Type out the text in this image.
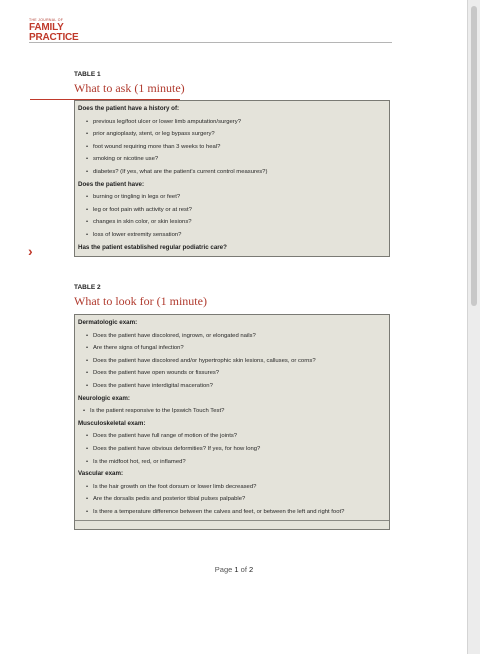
THE JOURNAL OF
FAMILY
PRACTICE
TABLE 1
What to ask (1 minute)
Does the patient have a history of:
• previous leg/foot ulcer or lower limb amputation/surgery?
• prior angioplasty, stent, or leg bypass surgery?
• foot wound requiring more than 3 weeks to heal?
• smoking or nicotine use?
• diabetes? (If yes, what are the patient’s current control measures?)
Does the patient have:
• burning or tingling in legs or feet?
• leg or foot pain with activity or at rest?
• changes in skin color, or skin lesions?
• loss of lower extremity sensation?
Has the patient established regular podiatric care?
›
TABLE 2
What to look for (1 minute)
Dermatologic exam:
• Does the patient have discolored, ingrown, or elongated nails?
• Are there signs of fungal infection?
• Does the patient have discolored and/or hypertrophic skin lesions, calluses, or corns?
• Does the patient have open wounds or fissures?
• Does the patient have interdigital maceration?
Neurologic exam:
• Is the patient responsive to the Ipswich Touch Test?
Musculoskeletal exam:
• Does the patient have full range of motion of the joints?
• Does the patient have obvious deformities? If yes, for how long?
• Is the midfoot hot, red, or inflamed?
Vascular exam:
• Is the hair growth on the foot dorsum or lower limb decreased?
• Are the dorsalis pedis and posterior tibial pulses palpable?
• Is there a temperature difference between the calves and feet, or between the left and right foot?
Page 1 of 2
